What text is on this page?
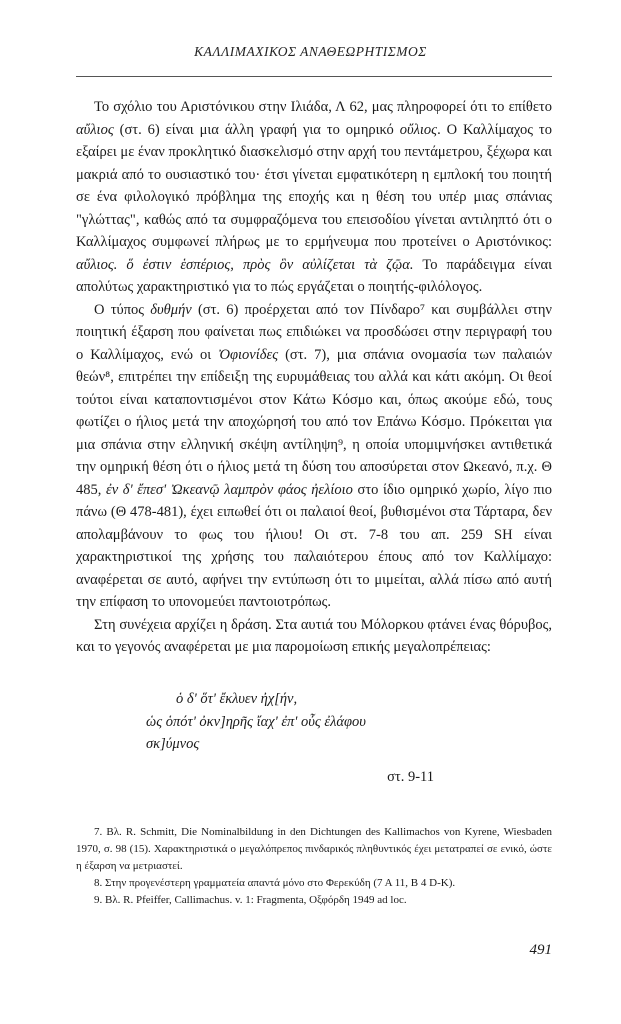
ΚΑΛΛΙΜΑΧΙΚΟΣ ΑΝΑΘΕΩΡΗΤΙΣΜΟΣ

Το σχόλιο του Αριστόνικου στην Ιλιάδα, Λ 62, μας πληροφορεί ότι το επίθετο αὔλιος (στ. 6) είναι μια άλλη γραφή για το ομηρικό οὔλιος. Ο Καλλίμαχος το εξαίρει με έναν προκλητικό διασκελισμό στην αρχή του πεντάμετρου, ξέχωρα και μακριά από το ουσιαστικό του· έτσι γίνεται εμφατικότερη η εμπλοκή του ποιητή σε ένα φιλολογικό πρόβλημα της εποχής και η θέση του υπέρ μιας σπάνιας "γλώττας", καθώς από τα συμφραζόμενα του επεισοδίου γίνεται αντιληπτό ότι ο Καλλίμαχος συμφωνεί πλήρως με το ερμήνευμα που προτείνει ο Αριστόνικος: αὔλιος. ὅ ἐστιν ἑσπέριος, πρὸς ὃν αὐλίζεται τὰ ζῷα. Το παράδειγμα είναι απολύτως χαρακτηριστικό για το πώς εργάζεται ο ποιητής-φιλόλογος.

Ο τύπος δυθμήν (στ. 6) προέρχεται από τον Πίνδαρο⁷ και συμβάλλει στην ποιητική έξαρση που φαίνεται πως επιδιώκει να προσδώσει στην περιγραφή του ο Καλλίμαχος, ενώ οι Ὀφιονίδες (στ. 7), μια σπάνια ονομασία των παλαιών θεών⁸, επιτρέπει την επίδειξη της ευρυμάθειας του αλλά και κάτι ακόμη. Οι θεοί τούτοι είναι καταποντισμένοι στον Κάτω Κόσμο και, όπως ακούμε εδώ, τους φωτίζει ο ήλιος μετά την αποχώρησή του από τον Επάνω Κόσμο. Πρόκειται για μια σπάνια στην ελληνική σκέψη αντίληψη⁹, η οποία υπομιμνήσκει αντιθετικά την ομηρική θέση ότι ο ήλιος μετά τη δύση του αποσύρεται στον Ωκεανό, π.χ. Θ 485, ἐν δ' ἔπεσ' Ὠκεανῷ λαμπρὸν φάος ἠελίοιο στο ίδιο ομηρικό χωρίο, λίγο πιο πάνω (Θ 478-481), έχει ειπωθεί ότι οι παλαιοί θεοί, βυθισμένοι στα Τάρταρα, δεν απολαμβάνουν το φως του ήλιου! Οι στ. 7-8 του απ. 259 SH είναι χαρακτηριστικοί της χρήσης του παλαιότερου έπους από τον Καλλίμαχο: αναφέρεται σε αυτό, αφήνει την εντύπωση ότι το μιμείται, αλλά πίσω από αυτή την επίφαση το υπονομεύει παντοιοτρόπως.

Στη συνέχεια αρχίζει η δράση. Στα αυτιά του Μόλορκου φτάνει ένας θόρυβος, και το γεγονός αναφέρεται με μια παρομοίωση επικής μεγαλοπρέπειας:

ὁ δ' ὅτ' ἔκλυεν ἠχ[ήν,
ὡς ὁπότ' ὀκν]ηρῆς ἴαχ' ἐπ' οὖς ἐλάφου
σκ]ύμνος
στ. 9-11

7. Βλ. R. Schmitt, Die Nominalbildung in den Dichtungen des Kallimachos von Kyrene, Wiesbaden 1970, σ. 98 (15). Χαρακτηριστικά ο μεγαλόπρεπος πινδαρικός πληθυντικός έχει μετατραπεί σε ενικό, ώστε η έξαρση να μετριαστεί.

8. Στην προγενέστερη γραμματεία απαντά μόνο στο Φερεκύδη (7 Α 11, Β 4 D-K).

9. Βλ. R. Pfeiffer, Callimachus. v. 1: Fragmenta, Οξφόρδη 1949 ad loc.

491
